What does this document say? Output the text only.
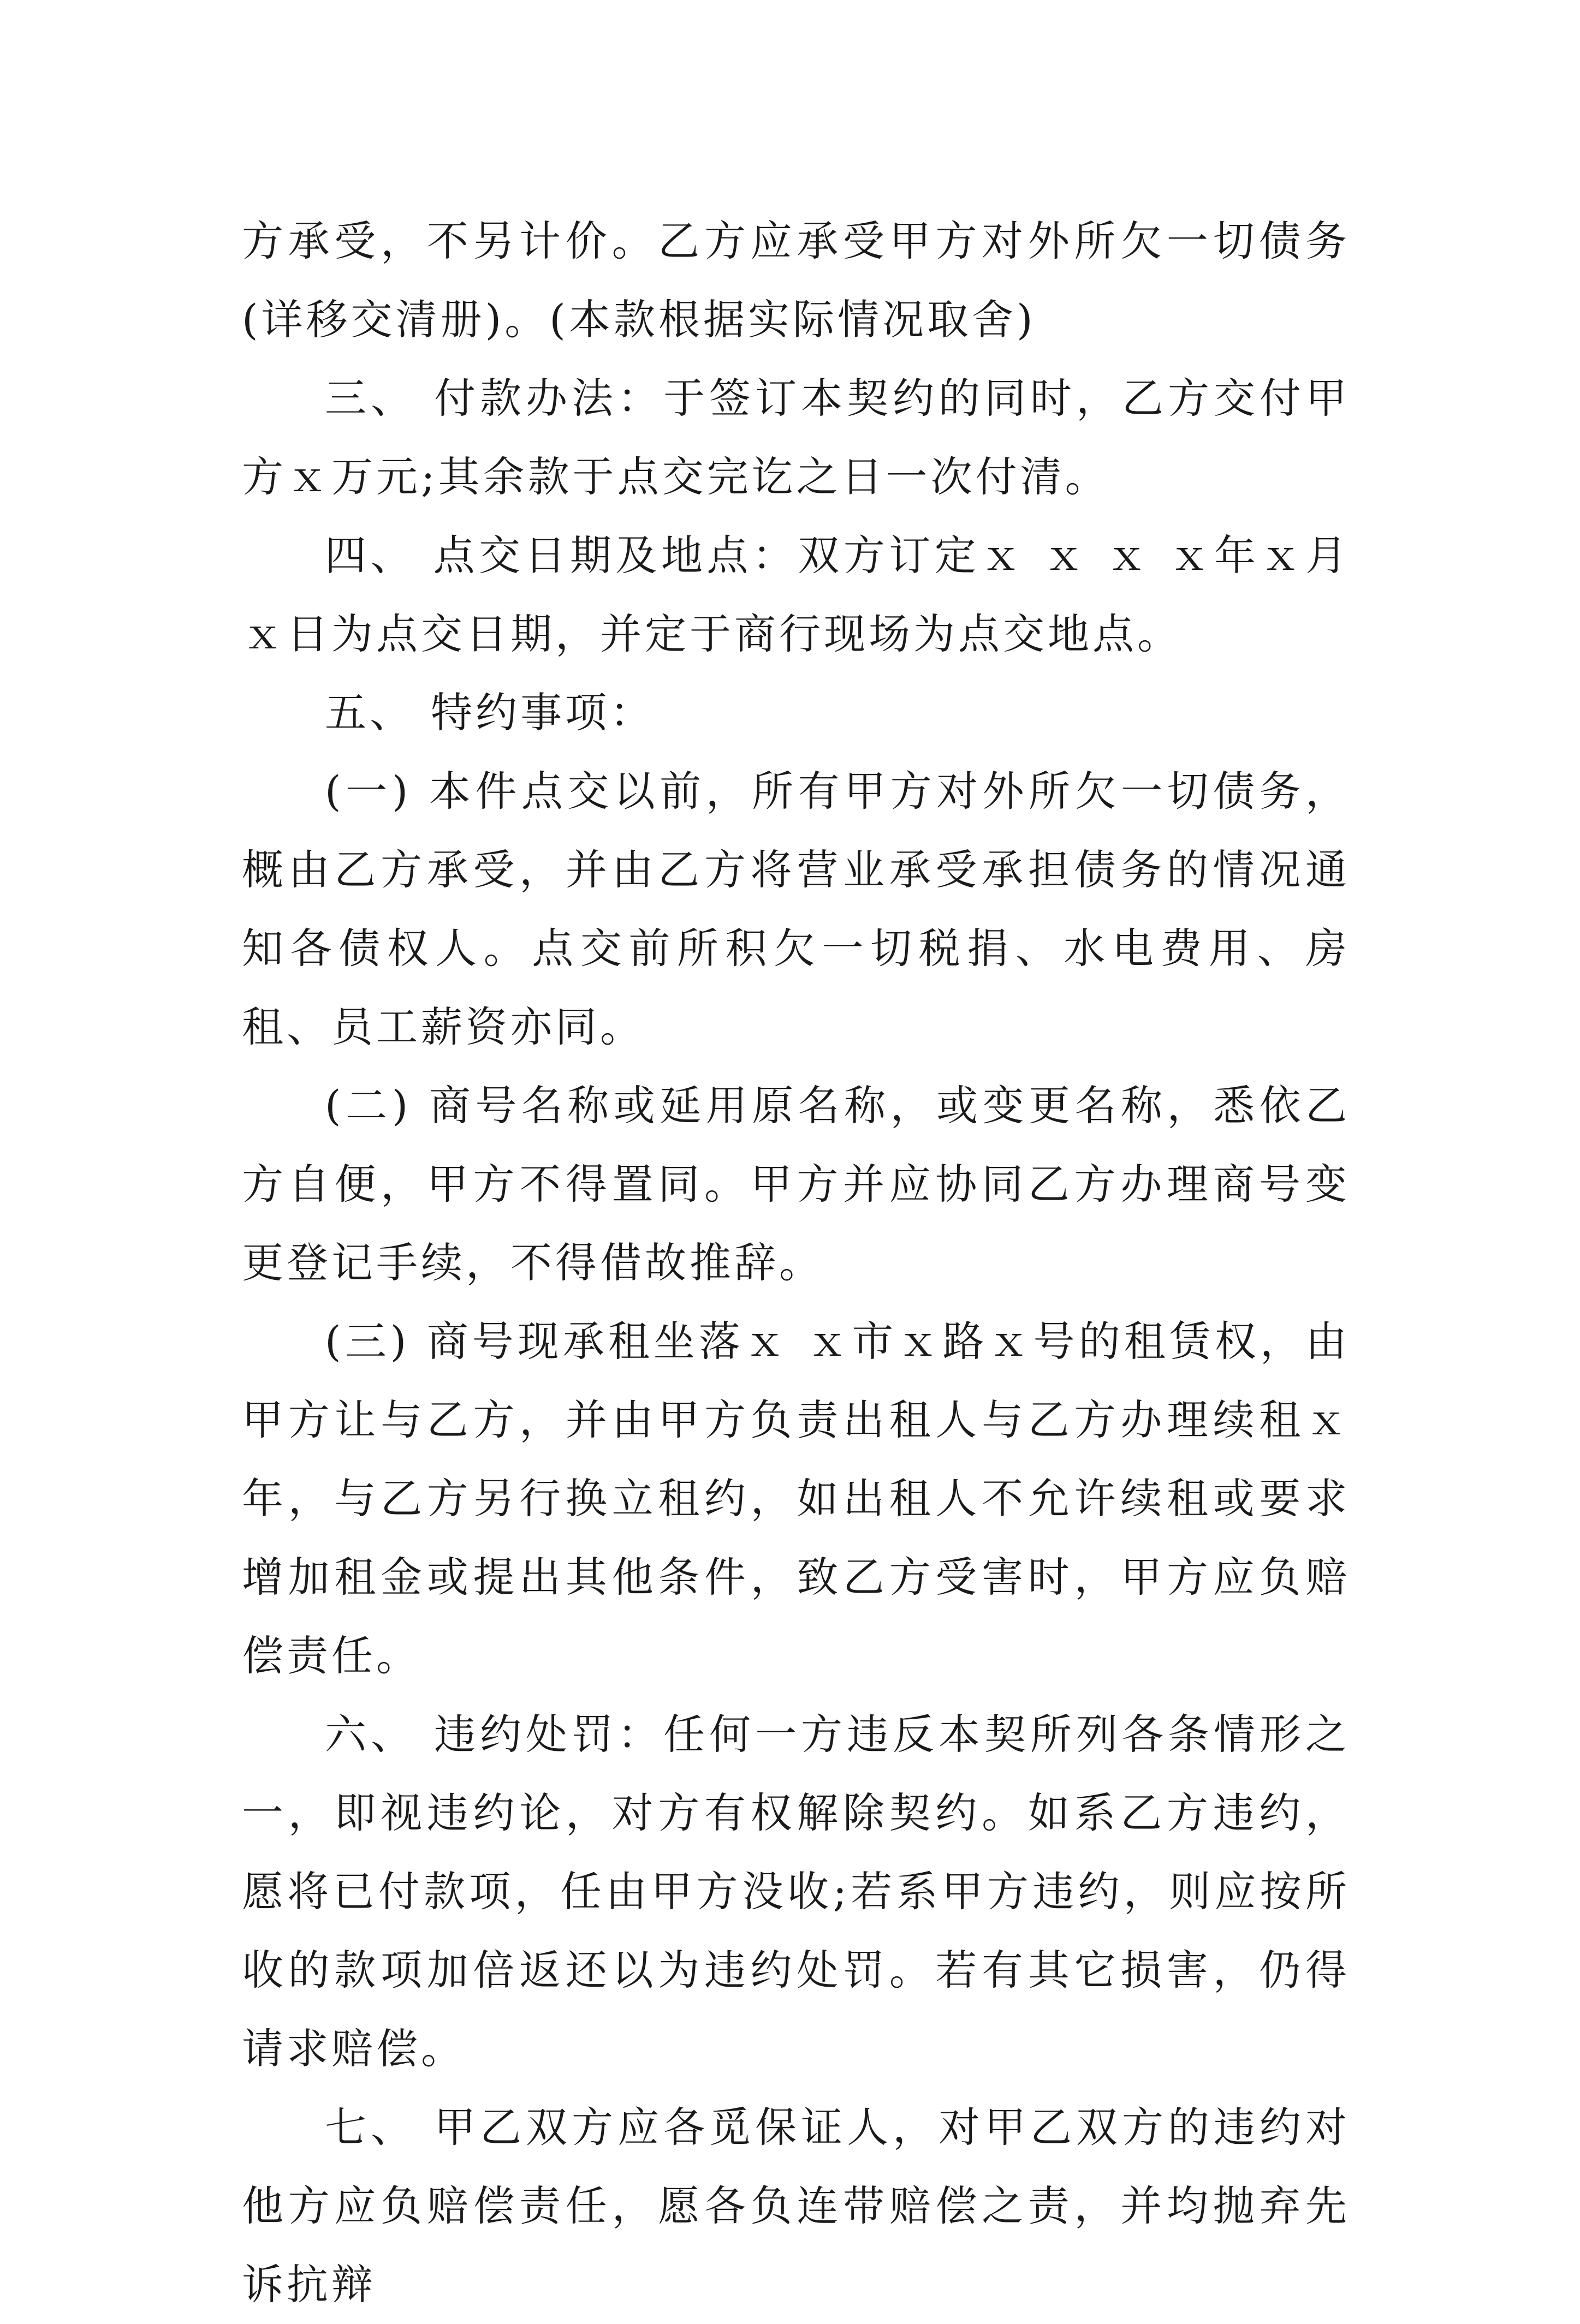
方承受，不另计价。乙方应承受甲方对外所欠一切债务(详移交清册)。(本款根据实际情况取舍)

三、 付款办法：于签订本契约的同时，乙方交付甲方ｘ万元;其余款于点交完讫之日一次付清。

四、 点交日期及地点：双方订定ｘ ｘ ｘ ｘ年ｘ月ｘ日为点交日期，并定于商行现场为点交地点。

五、 特约事项：

(一) 本件点交以前，所有甲方对外所欠一切债务，概由乙方承受，并由乙方将营业承受承担债务的情况通知各债权人。点交前所积欠一切税捐、水电费用、房租、员工薪资亦同。

(二) 商号名称或延用原名称，或变更名称，悉依乙方自便，甲方不得置同。甲方并应协同乙方办理商号变更登记手续，不得借故推辞。

(三) 商号现承租坐落ｘ ｘ市ｘ路ｘ号的租赁权，由甲方让与乙方，并由甲方负责出租人与乙方办理续租ｘ年，与乙方另行换立租约，如出租人不允许续租或要求增加租金或提出其他条件，致乙方受害时，甲方应负赔偿责任。

六、 违约处罚：任何一方违反本契所列各条情形之一，即视违约论，对方有权解除契约。如系乙方违约，愿将已付款项，任由甲方没收;若系甲方违约，则应按所收的款项加倍返还以为违约处罚。若有其它损害，仍得请求赔偿。

七、 甲乙双方应各觅保证人，对甲乙双方的违约对他方应负赔偿责任，愿各负连带赔偿之责，并均抛弃先诉抗辩
